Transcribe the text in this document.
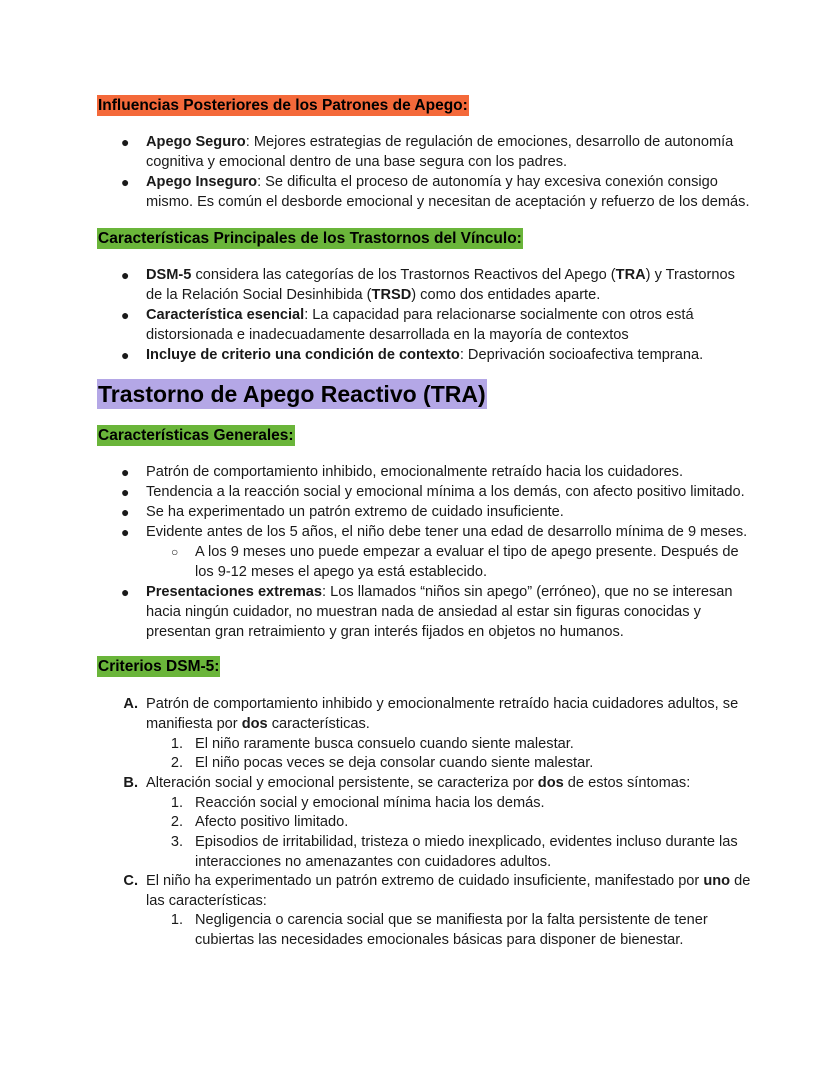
Influencias Posteriores de los Patrones de Apego:
● Apego Seguro: Mejores estrategias de regulación de emociones, desarrollo de autonomía
cognitiva y emocional dentro de una base segura con los padres.
● Apego Inseguro: Se dificulta el proceso de autonomía y hay excesiva conexión consigo
mismo. Es común el desborde emocional y necesitan de aceptación y refuerzo de los demás.
Características Principales de los Trastornos del Vínculo:
● DSM-5 considera las categorías de los Trastornos Reactivos del Apego (TRA) y Trastornos
de la Relación Social Desinhibida (TRSD) como dos entidades aparte.
● Característica esencial: La capacidad para relacionarse socialmente con otros está
distorsionada e inadecuadamente desarrollada en la mayoría de contextos
● Incluye de criterio una condición de contexto: Deprivación socioafectiva temprana.
Trastorno de Apego Reactivo (TRA)
Características Generales:
● Patrón de comportamiento inhibido, emocionalmente retraído hacia los cuidadores.
● Tendencia a la reacción social y emocional mínima a los demás, con afecto positivo limitado.
● Se ha experimentado un patrón extremo de cuidado insuficiente.
● Evidente antes de los 5 años, el niño debe tener una edad de desarrollo mínima de 9 meses.
○ A los 9 meses uno puede empezar a evaluar el tipo de apego presente. Después de
los 9-12 meses el apego ya está establecido.
● Presentaciones extremas: Los llamados “niños sin apego” (erróneo), que no se interesan
hacia ningún cuidador, no muestran nada de ansiedad al estar sin figuras conocidas y
presentan gran retraimiento y gran interés fijados en objetos no humanos.
Criterios DSM-5:
A. Patrón de comportamiento inhibido y emocionalmente retraído hacia cuidadores adultos, se
manifiesta por dos características.
1. El niño raramente busca consuelo cuando siente malestar.
2. El niño pocas veces se deja consolar cuando siente malestar.
B. Alteración social y emocional persistente, se caracteriza por dos de estos síntomas:
1. Reacción social y emocional mínima hacia los demás.
2. Afecto positivo limitado.
3. Episodios de irritabilidad, tristeza o miedo inexplicado, evidentes incluso durante las
interacciones no amenazantes con cuidadores adultos.
C. El niño ha experimentado un patrón extremo de cuidado insuficiente, manifestado por uno de
las características:
1. Negligencia o carencia social que se manifiesta por la falta persistente de tener
cubiertas las necesidades emocionales básicas para disponer de bienestar.
